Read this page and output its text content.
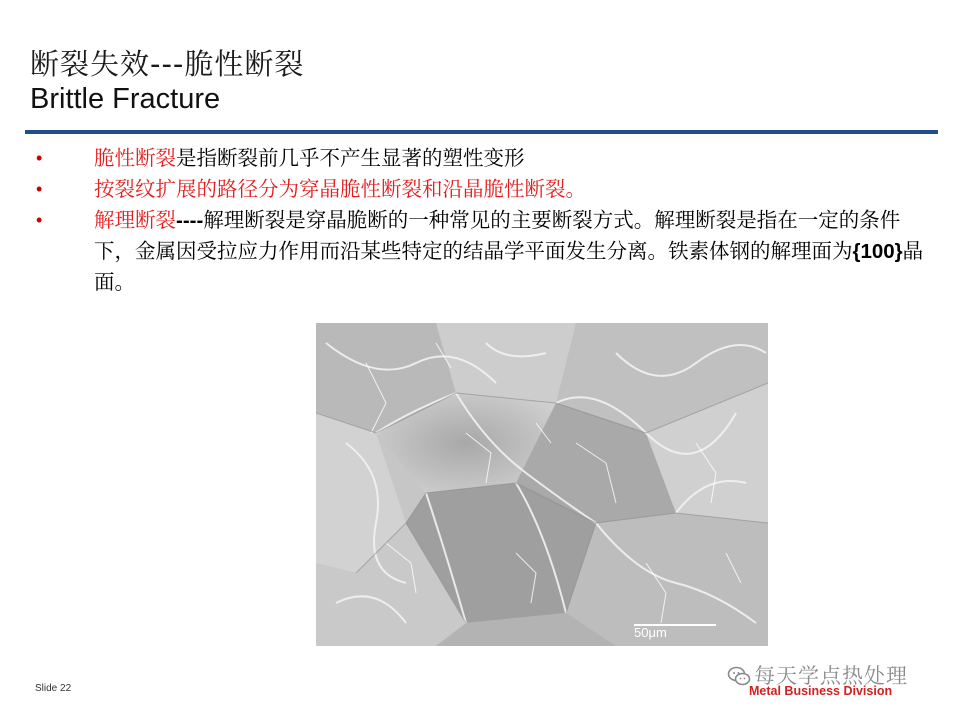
断裂失效---脆性断裂
Brittle Fracture
•	脆性断裂是指断裂前几乎不产生显著的塑性变形
•	按裂纹扩展的路径分为穿晶脆性断裂和沿晶脆性断裂。
•	解理断裂----解理断裂是穿晶脆断的一种常见的主要断裂方式。解理断裂是指在一定的条件下，金属因受拉应力作用而沿某些特定的结晶学平面发生分离。铁素体钢的解理面为{100}晶面。
50μm
Slide 22
每天学点热处理
Metal Business Division
